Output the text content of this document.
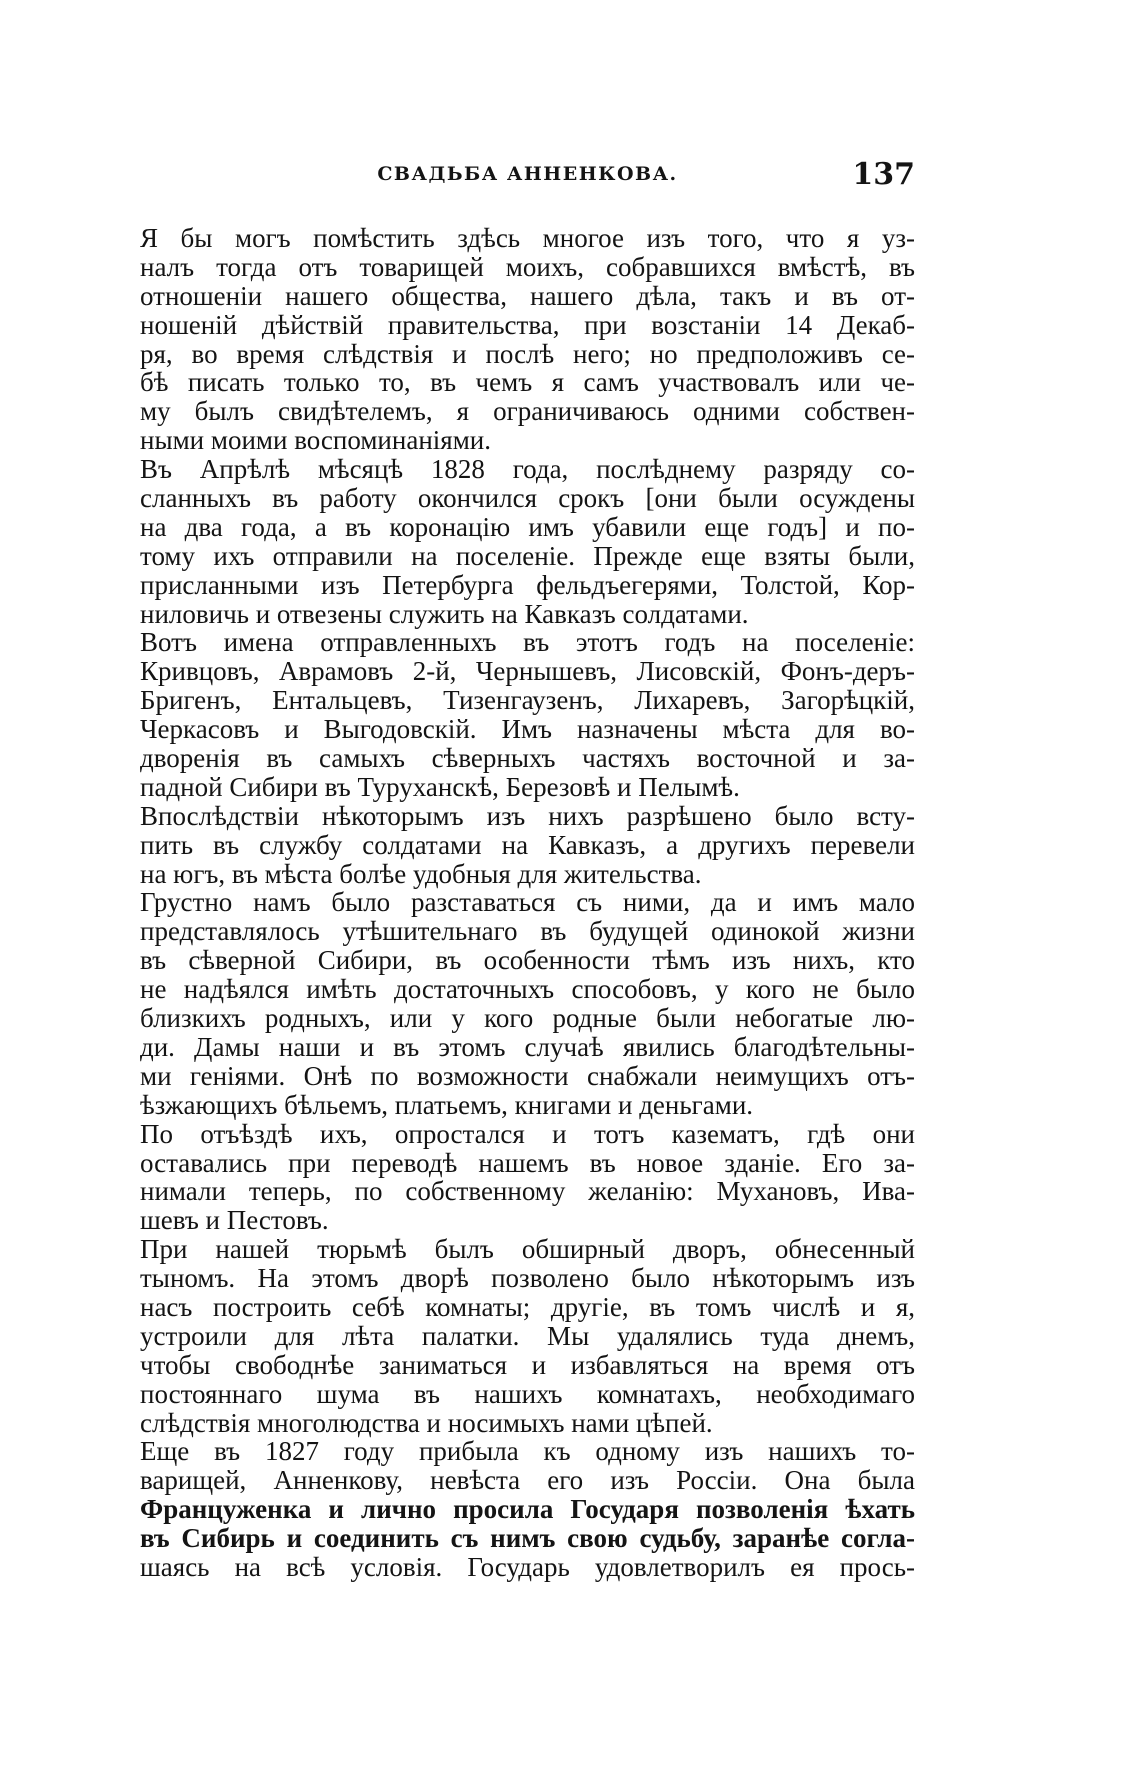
СВАДЬБА АННЕНКОВА.	137
Я бы могъ помѣстить здѣсь многое изъ того, что я уз-
налъ тогда отъ товарищей моихъ, собравшихся вмѣстѣ, въ
отношеніи нашего общества, нашего дѣла, такъ и въ от-
ношеній дѣйствій правительства, при возстаніи 14 Декаб-
ря, во время слѣдствія и послѣ него; но предположивъ се-
бѣ писать только то, въ чемъ я самъ участвовалъ или че-
му былъ свидѣтелемъ, я ограничиваюсь одними собствен-
ными моими воспоминаніями.
Въ Апрѣлѣ мѣсяцѣ 1828 года, послѣднему разряду со-
сланныхъ въ работу окончился срокъ [они были осуждены
на два года, а въ коронацію имъ убавили еще годъ] и по-
тому ихъ отправили на поселеніе. Прежде еще взяты были,
присланными изъ Петербурга фельдъегерями, Толстой, Кор-
ниловичь и отвезены служить на Кавказъ солдатами.
Вотъ имена отправленныхъ въ этотъ годъ на поселеніе:
Кривцовъ, Аврамовъ 2-й, Чернышевъ, Лисовскій, Фонъ-деръ-
Бригенъ, Ентальцевъ, Тизенгаузенъ, Лихаревъ, Загорѣцкій,
Черкасовъ и Выгодовскій. Имъ назначены мѣста для во-
дворенія въ самыхъ сѣверныхъ частяхъ восточной и за-
падной Сибири въ Туруханскѣ, Березовѣ и Пелымѣ.
Впослѣдствіи нѣкоторымъ изъ нихъ разрѣшено было всту-
пить въ службу солдатами на Кавказъ, а другихъ перевели
на югъ, въ мѣста болѣе удобныя для жительства.
Грустно намъ было разставаться съ ними, да и имъ мало
представлялось утѣшительнаго въ будущей одинокой жизни
въ сѣверной Сибири, въ особенности тѣмъ изъ нихъ, кто
не надѣялся имѣть достаточныхъ способовъ, у кого не было
близкихъ родныхъ, или у кого родные были небогатые лю-
ди. Дамы наши и въ этомъ случаѣ явились благодѣтельны-
ми геніями. Онѣ по возможности снабжали неимущихъ отъ-
ѣзжающихъ бѣльемъ, платьемъ, книгами и деньгами.
По отъѣздѣ ихъ, опростался и тотъ казематъ, гдѣ они
оставались при переводѣ нашемъ въ новое зданіе. Его за-
нимали теперь, по собственному желанію: Мухановъ, Ива-
шевъ и Пестовъ.
При нашей тюрьмѣ былъ обширный дворъ, обнесенный
тыномъ. На этомъ дворѣ позволено было нѣкоторымъ изъ
насъ построить себѣ комнаты; другіе, въ томъ числѣ и я,
устроили для лѣта палатки. Мы удалялись туда днемъ,
чтобы свободнѣе заниматься и избавляться на время отъ
постояннаго шума въ нашихъ комнатахъ, необходимаго
слѣдствія многолюдства и носимыхъ нами цѣпей.
Еще въ 1827 году прибыла къ одному изъ нашихъ то-
варищей, Анненкову, невѣста его изъ Россіи. Она была
Француженка и лично просила Государя позволенія ѣхать
въ Сибирь и соединить съ нимъ свою судьбу, заранѣе согла-
шаясь на всѣ условія. Государь удовлетворилъ ея прось-
